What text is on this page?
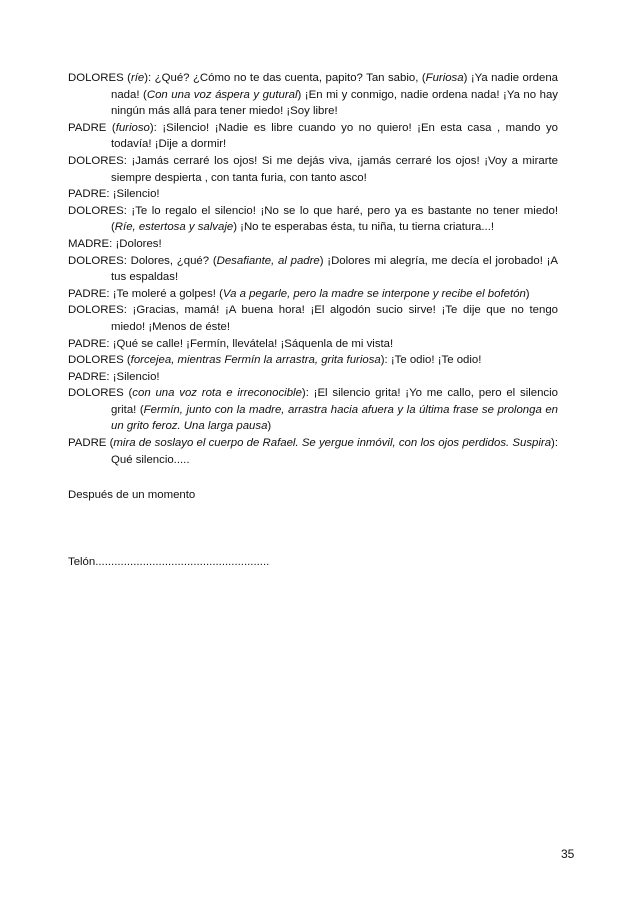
DOLORES (ríe): ¿Qué? ¿Cómo no te das cuenta, papito? Tan sabio, (Furiosa) ¡Ya nadie ordena nada! (Con una voz áspera y gutural) ¡En mi y conmigo, nadie ordena nada! ¡Ya no hay ningún más allá para tener miedo! ¡Soy libre!

PADRE (furioso): ¡Silencio! ¡Nadie es libre cuando yo no quiero! ¡En esta casa , mando yo todavía! ¡Dije a dormir!

DOLORES: ¡Jamás cerraré los ojos! Si me dejás viva, ¡jamás cerraré los ojos! ¡Voy a mirarte siempre despierta , con tanta furia, con tanto asco!

PADRE: ¡Silencio!

DOLORES: ¡Te lo regalo el silencio! ¡No se lo que haré, pero ya es bastante no tener miedo! (Ríe, estertosa y salvaje) ¡No te esperabas ésta, tu niña, tu tierna criatura...!

MADRE: ¡Dolores!

DOLORES: Dolores, ¿qué? (Desafiante, al padre) ¡Dolores mi alegría, me decía el jorobado! ¡A tus espaldas!

PADRE: ¡Te moleré a golpes! (Va a pegarle, pero la madre se interpone y recibe el bofetón)

DOLORES: ¡Gracias, mamá! ¡A buena hora! ¡El algodón sucio sirve! ¡Te dije que no tengo miedo! ¡Menos de éste!

PADRE: ¡Qué se calle! ¡Fermín, llevátela! ¡Sáquenla de mi vista!

DOLORES (forcejea, mientras Fermín la arrastra, grita furiosa): ¡Te odio! ¡Te odio!

PADRE: ¡Silencio!

DOLORES (con una voz rota e irreconocible): ¡El silencio grita! ¡Yo me callo, pero el silencio grita! (Fermín, junto con la madre, arrastra hacia afuera y la última frase se prolonga en un grito feroz. Una larga pausa)

PADRE (mira de soslayo el cuerpo de Rafael. Se yergue inmóvil, con los ojos perdidos. Suspira): Qué silencio.....

Después de un momento

Telón.......................................................

35
